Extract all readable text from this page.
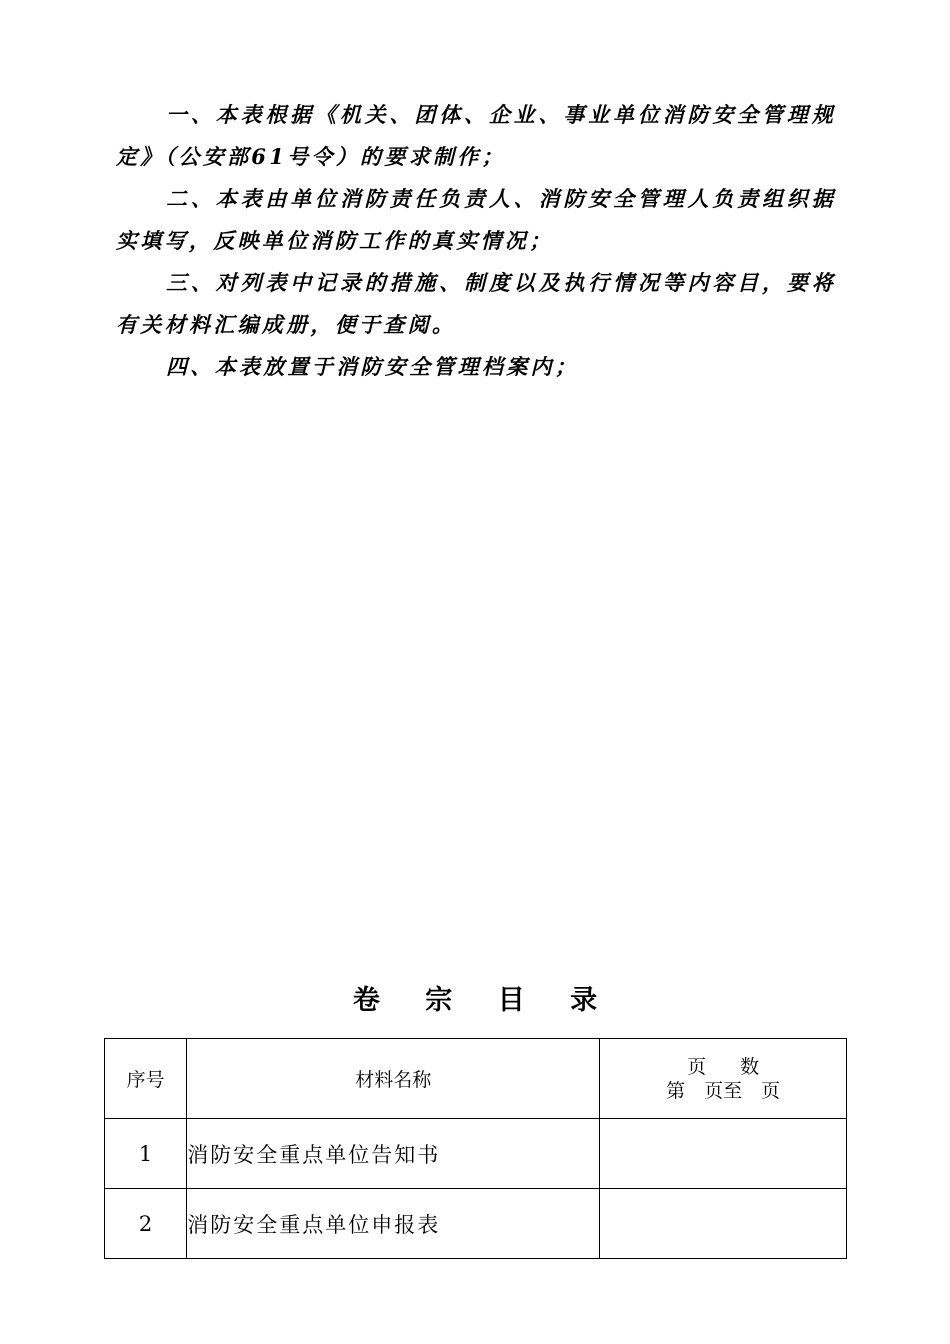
一、本表根据《机关、团体、企业、事业单位消防安全管理规定》（公安部61号令）的要求制作；

二、本表由单位消防责任负责人、消防安全管理人负责组织据实填写，反映单位消防工作的真实情况；

三、对列表中记录的措施、制度以及执行情况等内容目，要将有关材料汇编成册，便于查阅。

四、本表放置于消防安全管理档案内；

卷 宗 目 录
序号	材料名称	页 数
第　页至　页

1	消防安全重点单位告知书	
2	消防安全重点单位申报表	
